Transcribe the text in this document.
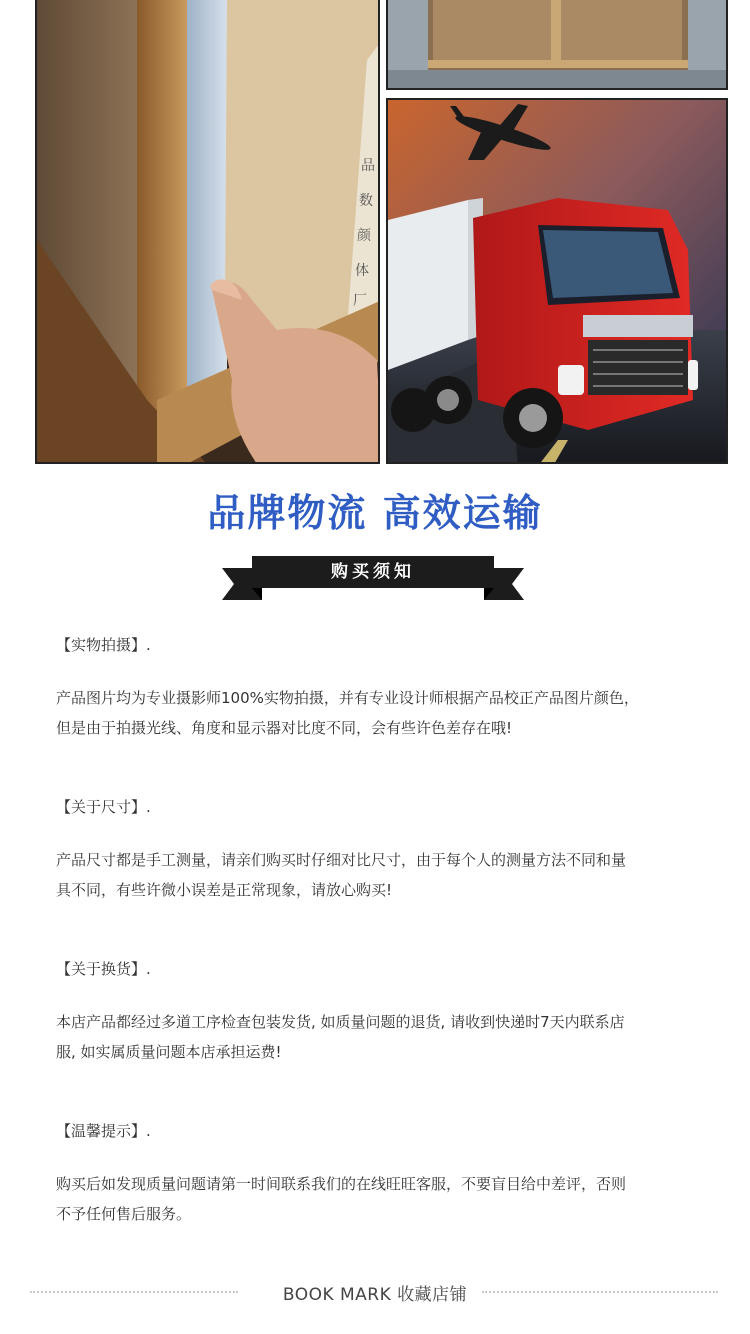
品
数
颜
体
厂
品牌物流 高效运输
购买须知
【实物拍摄】.
产品图片均为专业摄影师100%实物拍摄，并有专业设计师根据产品校正产品图片颜色，
但是由于拍摄光线、角度和显示器对比度不同，会有些许色差存在哦!
【关于尺寸】.
产品尺寸都是手工测量，请亲们购买时仔细对比尺寸，由于每个人的测量方法不同和量
具不同，有些许微小误差是正常现象，请放心购买!
【关于换货】.
本店产品都经过多道工序检查包装发货, 如质量问题的退货, 请收到快递时7天内联系店
服, 如实属质量问题本店承担运费!
【温馨提示】.
购买后如发现质量问题请第一时间联系我们的在线旺旺客服，不要盲目给中差评，否则
不予任何售后服务。
BOOK MARK 收藏店铺
